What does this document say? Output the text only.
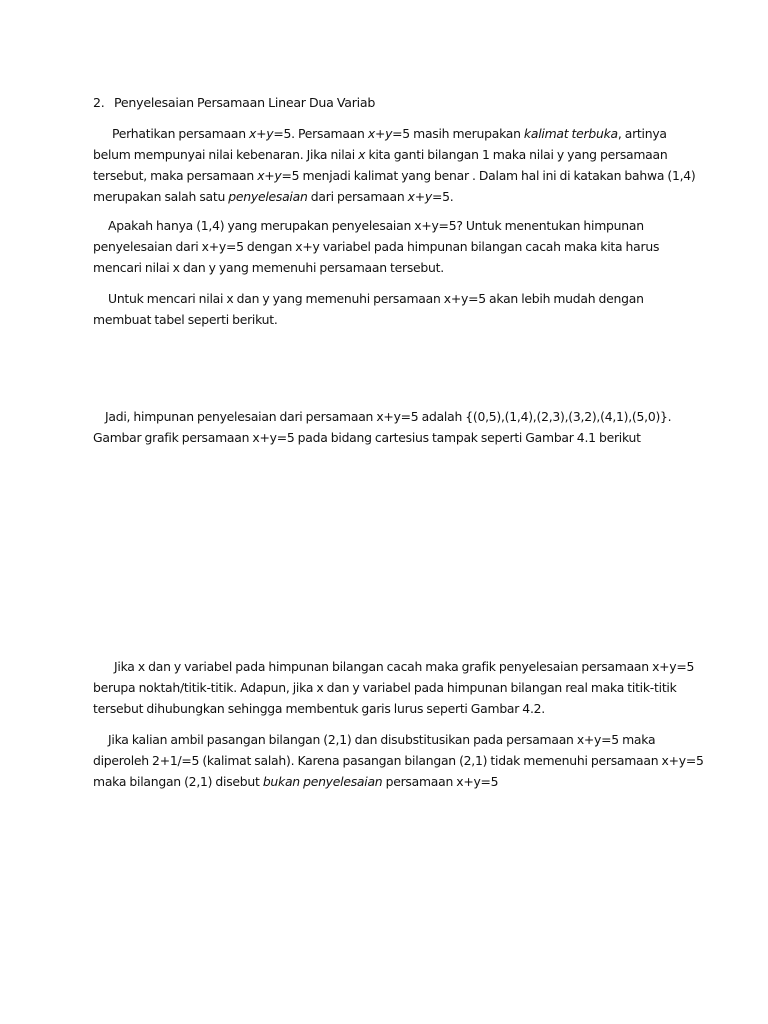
2. Penyelesaian Persamaan Linear Dua Variab
Perhatikan persamaan x+y=5. Persamaan x+y=5 masih merupakan kalimat terbuka, artinya
belum mempunyai nilai kebenaran. Jika nilai x kita ganti bilangan 1 maka nilai y yang persamaan
tersebut, maka persamaan x+y=5 menjadi kalimat yang benar . Dalam hal ini di katakan bahwa (1,4)
merupakan salah satu penyelesaian dari persamaan x+y=5.
Apakah hanya (1,4) yang merupakan penyelesaian x+y=5? Untuk menentukan himpunan
penyelesaian dari x+y=5 dengan x+y variabel pada himpunan bilangan cacah maka kita harus
mencari nilai x dan y yang memenuhi persamaan tersebut.
Untuk mencari nilai x dan y yang memenuhi persamaan x+y=5 akan lebih mudah dengan
membuat tabel seperti berikut.
Jadi, himpunan penyelesaian dari persamaan x+y=5 adalah {(0,5),(1,4),(2,3),(3,2),(4,1),(5,0)}.
Gambar grafik persamaan x+y=5 pada bidang cartesius tampak seperti Gambar 4.1 berikut
Jika x dan y variabel pada himpunan bilangan cacah maka grafik penyelesaian persamaan x+y=5
berupa noktah/titik-titik. Adapun, jika x dan y variabel pada himpunan bilangan real maka titik-titik
tersebut dihubungkan sehingga membentuk garis lurus seperti Gambar 4.2.
Jika kalian ambil pasangan bilangan (2,1) dan disubstitusikan pada persamaan x+y=5 maka
diperoleh 2+1/=5 (kalimat salah). Karena pasangan bilangan (2,1) tidak memenuhi persamaan x+y=5
maka bilangan (2,1) disebut bukan penyelesaian persamaan x+y=5
